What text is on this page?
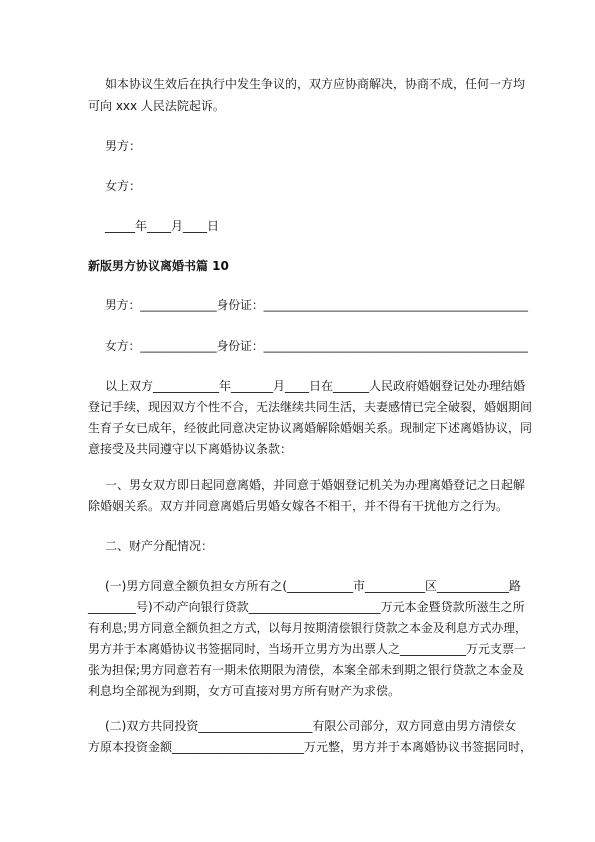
如本协议生效后在执行中发生争议的，双方应协商解决，协商不成，任何一方均
可向 xxx 人民法院起诉。
男方：
女方：
_____年____月____日
新版男方协议离婚书篇 10
男方：_____________身份证：_____________________________________________
女方：_____________身份证：_____________________________________________
以上双方___________年_______月____日在______人民政府婚姻登记处办理结婚
登记手续，现因双方个性不合，无法继续共同生活，夫妻感情已完全破裂，婚姻期间
生育子女已成年，经彼此同意决定协议离婚解除婚姻关系。现制定下述离婚协议，同
意接受及共同遵守以下离婚协议条款：
一、男女双方即日起同意离婚，并同意于婚姻登记机关为办理离婚登记之日起解
除婚姻关系。双方并同意离婚后男婚女嫁各不相干，并不得有干扰他方之行为。
二、财产分配情况：
(一)男方同意全额负担女方所有之(___________市__________区____________路
________号)不动产向银行贷款______________________万元本金暨贷款所滋生之所
有利息;男方同意全额负担之方式，以每月按期清偿银行贷款之本金及利息方式办理，
男方并于本离婚协议书签据同时，当场开立男方为出票人之___________万元支票一
张为担保;男方同意若有一期未依期限为清偿，本案全部未到期之银行贷款之本金及
利息均全部视为到期，女方可直接对男方所有财产为求偿。
(二)双方共同投资___________________有限公司部分，双方同意由男方清偿女
方原本投资金额______________________万元整，男方并于本离婚协议书签据同时，
